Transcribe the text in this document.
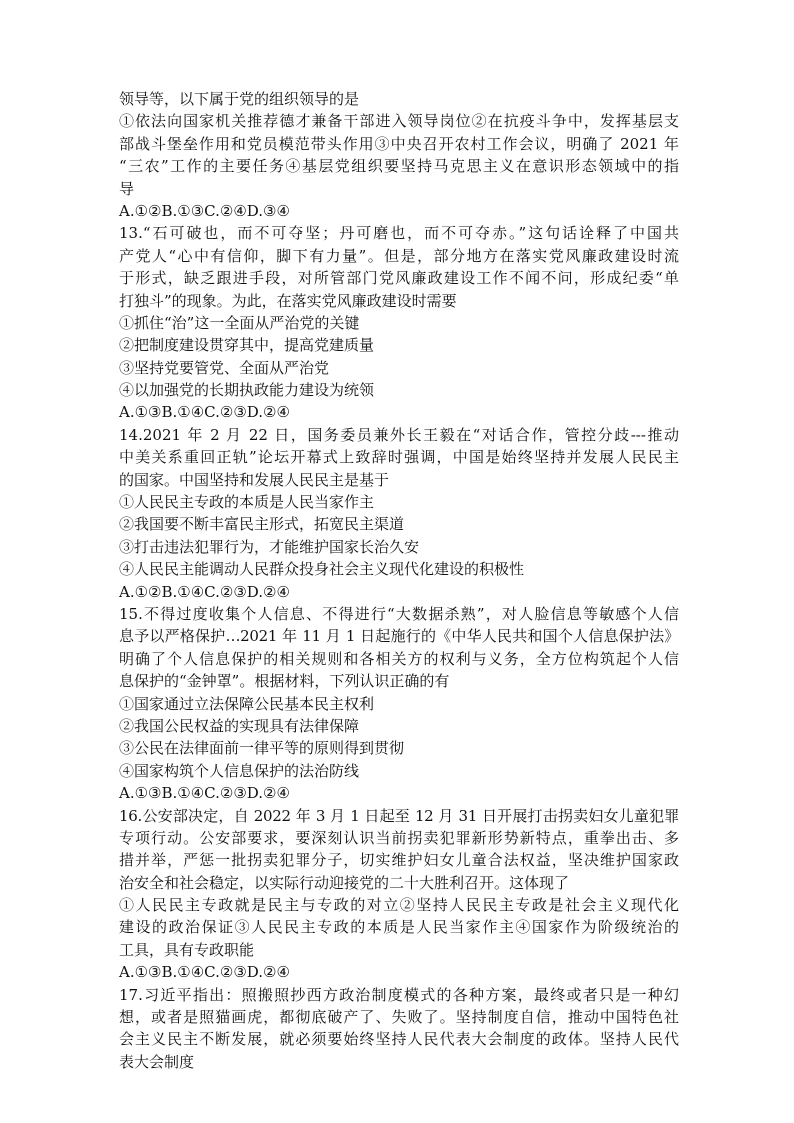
领导等，以下属于党的组织领导的是
①依法向国家机关推荐德才兼备干部进入领导岗位②在抗疫斗争中，发挥基层支
部战斗堡垒作用和党员模范带头作用③中央召开农村工作会议，明确了 2021 年
“三农”工作的主要任务④基层党组织要坚持马克思主义在意识形态领域中的指
导
A.①②B.①③C.②④D.③④
13.“石可破也，而不可夺坚；丹可磨也，而不可夺赤。”这句话诠释了中国共
产党人“心中有信仰，脚下有力量”。但是，部分地方在落实党风廉政建设时流
于形式，缺乏跟进手段，对所管部门党风廉政建设工作不闻不问，形成纪委“单
打独斗”的现象。为此，在落实党风廉政建设时需要
①抓住“治”这一全面从严治党的关键
②把制度建设贯穿其中，提高党建质量
③坚持党要管党、全面从严治党
④以加强党的长期执政能力建设为统领
A.①③B.①④C.②③D.②④
14.2021 年 2 月 22 日，国务委员兼外长王毅在“对话合作，管控分歧---推动
中美关系重回正轨”论坛开幕式上致辞时强调，中国是始终坚持并发展人民民主
的国家。中国坚持和发展人民民主是基于
①人民民主专政的本质是人民当家作主
②我国要不断丰富民主形式，拓宽民主渠道
③打击违法犯罪行为，才能维护国家长治久安
④人民民主能调动人民群众投身社会主义现代化建设的积极性
A.①②B.①④C.②③D.②④
15.不得过度收集个人信息、不得进行“大数据杀熟”，对人脸信息等敏感个人信
息予以严格保护…2021 年 11 月 1 日起施行的《中华人民共和国个人信息保护法》
明确了个人信息保护的相关规则和各相关方的权利与义务，全方位构筑起个人信
息保护的“金钟罩”。根据材料，下列认识正确的有
①国家通过立法保障公民基本民主权利
②我国公民权益的实现具有法律保障
③公民在法律面前一律平等的原则得到贯彻
④国家构筑个人信息保护的法治防线
A.①③B.①④C.②③D.②④
16.公安部决定，自 2022 年 3 月 1 日起至 12 月 31 日开展打击拐卖妇女儿童犯罪
专项行动。公安部要求，要深刻认识当前拐卖犯罪新形势新特点，重拳出击、多
措并举，严惩一批拐卖犯罪分子，切实维护妇女儿童合法权益，坚决维护国家政
治安全和社会稳定，以实际行动迎接党的二十大胜利召开。这体现了
①人民民主专政就是民主与专政的对立②坚持人民民主专政是社会主义现代化
建设的政治保证③人民民主专政的本质是人民当家作主④国家作为阶级统治的
工具，具有专政职能
A.①③B.①④C.②③D.②④
17.习近平指出：照搬照抄西方政治制度模式的各种方案，最终或者只是一种幻
想，或者是照猫画虎，都彻底破产了、失败了。坚持制度自信，推动中国特色社
会主义民主不断发展，就必须要始终坚持人民代表大会制度的政体。坚持人民代
表大会制度
